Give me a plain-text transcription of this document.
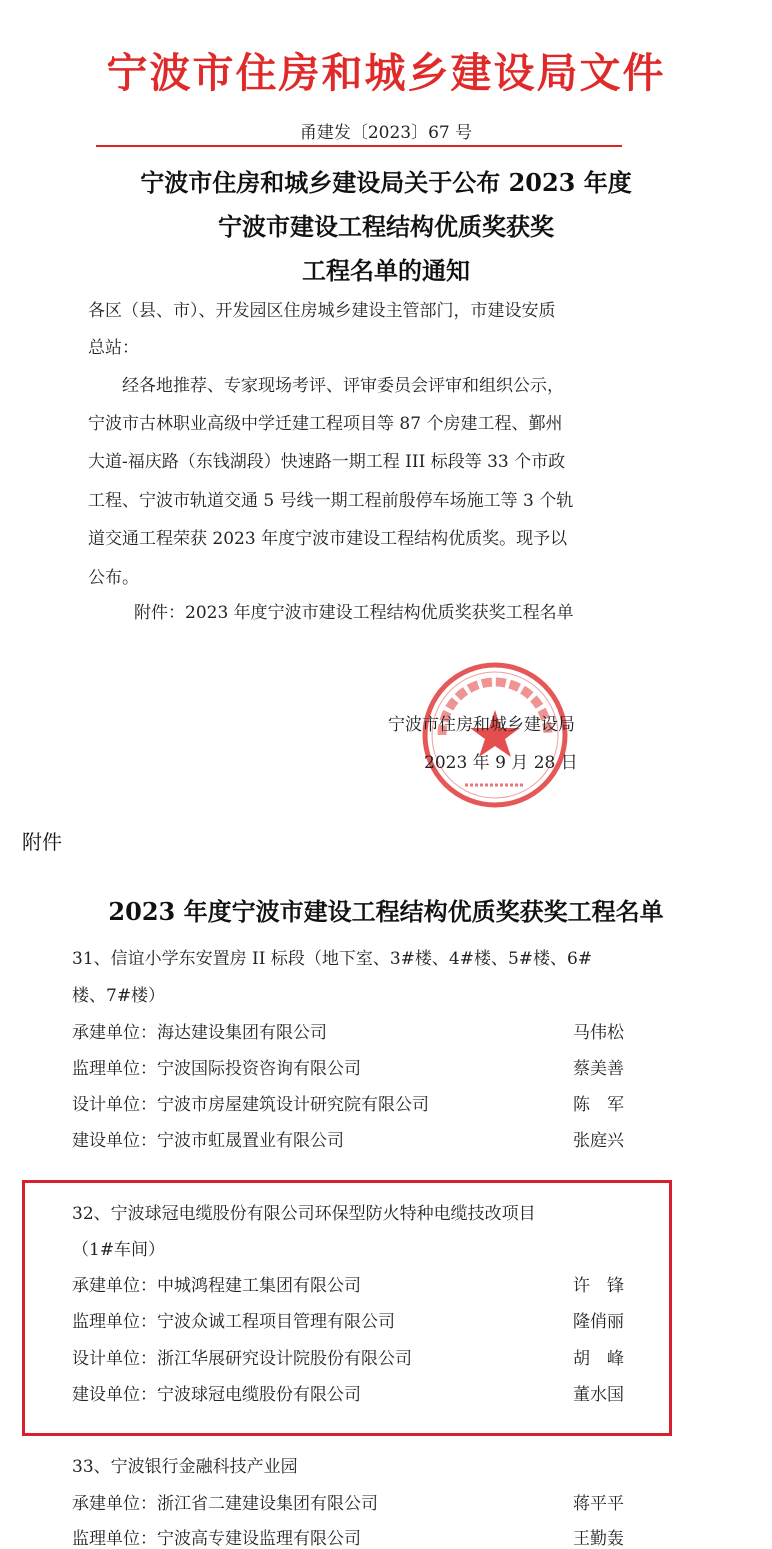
宁波市住房和城乡建设局文件
甬建发〔2023〕67 号
宁波市住房和城乡建设局关于公布 2023 年度
宁波市建设工程结构优质奖获奖
工程名单的通知
各区（县、市）、开发园区住房城乡建设主管部门，市建设安质
总站：
经各地推荐、专家现场考评、评审委员会评审和组织公示，
宁波市古林职业高级中学迁建工程项目等 87 个房建工程、鄞州
大道-福庆路（东钱湖段）快速路一期工程 III 标段等 33 个市政
工程、宁波市轨道交通 5 号线一期工程前殷停车场施工等 3 个轨
道交通工程荣获 2023 年度宁波市建设工程结构优质奖。现予以
公布。
附件：2023 年度宁波市建设工程结构优质奖获奖工程名单
宁波市住房和城乡建设局
2023 年 9 月 28 日
附件
2023 年度宁波市建设工程结构优质奖获奖工程名单
31、信谊小学东安置房 II 标段（地下室、3#楼、4#楼、5#楼、6#
楼、7#楼）
承建单位：海达建设集团有限公司	马伟松
监理单位：宁波国际投资咨询有限公司	蔡美善
设计单位：宁波市房屋建筑设计研究院有限公司	陈　军
建设单位：宁波市虹晟置业有限公司	张庭兴
32、宁波球冠电缆股份有限公司环保型防火特种电缆技改项目
（1#车间）
承建单位：中城鸿程建工集团有限公司	许　锋
监理单位：宁波众诚工程项目管理有限公司	隆俏丽
设计单位：浙江华展研究设计院股份有限公司	胡　峰
建设单位：宁波球冠电缆股份有限公司	董水国
33、宁波银行金融科技产业园
承建单位：浙江省二建建设集团有限公司	蒋平平
监理单位：宁波高专建设监理有限公司	王勤轰
